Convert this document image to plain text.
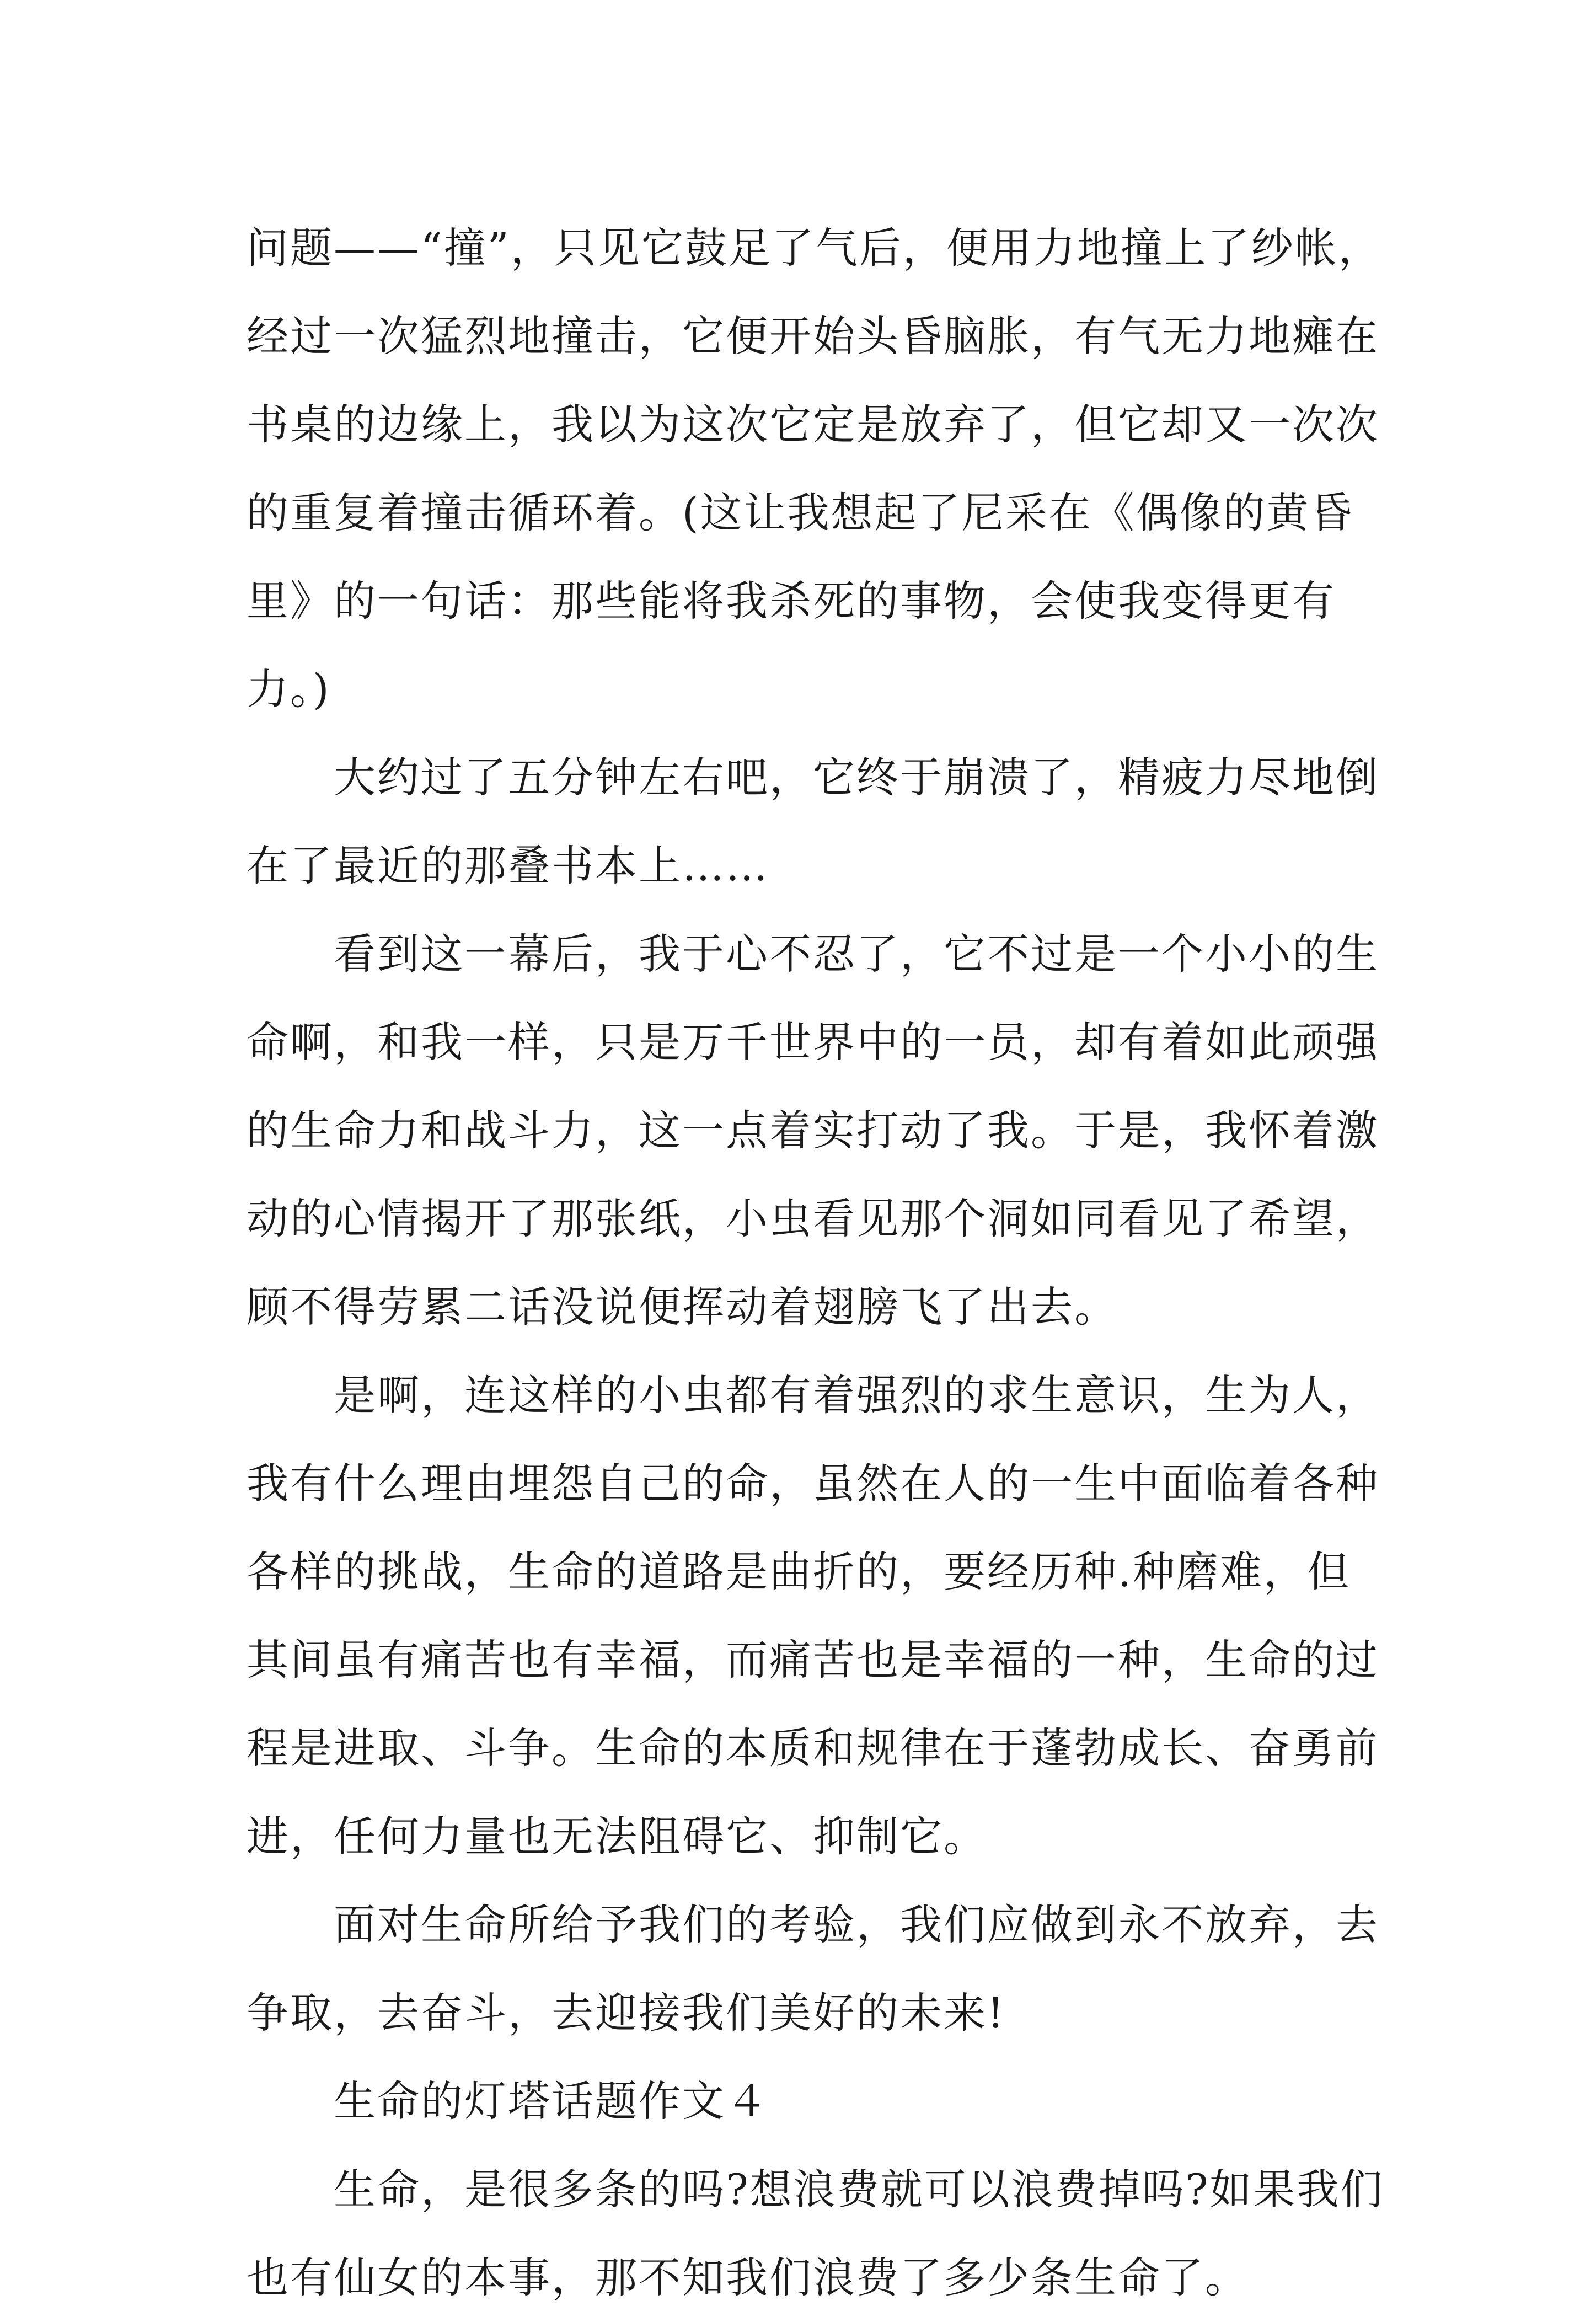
问题——“撞”，只见它鼓足了气后，便用力地撞上了纱帐，
经过一次猛烈地撞击，它便开始头昏脑胀，有气无力地瘫在
书桌的边缘上，我以为这次它定是放弃了，但它却又一次次
的重复着撞击循环着。(这让我想起了尼采在《偶像的黄昏
里》的一句话：那些能将我杀死的事物，会使我变得更有
力。)
大约过了五分钟左右吧，它终于崩溃了，精疲力尽地倒
在了最近的那叠书本上……
看到这一幕后，我于心不忍了，它不过是一个小小的生
命啊，和我一样，只是万千世界中的一员，却有着如此顽强
的生命力和战斗力，这一点着实打动了我。于是，我怀着激
动的心情揭开了那张纸，小虫看见那个洞如同看见了希望，
顾不得劳累二话没说便挥动着翅膀飞了出去。
是啊，连这样的小虫都有着强烈的求生意识，生为人，
我有什么理由埋怨自己的命，虽然在人的一生中面临着各种
各样的挑战，生命的道路是曲折的，要经历种.种磨难，但
其间虽有痛苦也有幸福，而痛苦也是幸福的一种，生命的过
程是进取、斗争。生命的本质和规律在于蓬勃成长、奋勇前
进，任何力量也无法阻碍它、抑制它。
面对生命所给予我们的考验，我们应做到永不放弃，去
争取，去奋斗，去迎接我们美好的未来!
生命的灯塔话题作文４
生命，是很多条的吗?想浪费就可以浪费掉吗?如果我们
也有仙女的本事，那不知我们浪费了多少条生命了。
